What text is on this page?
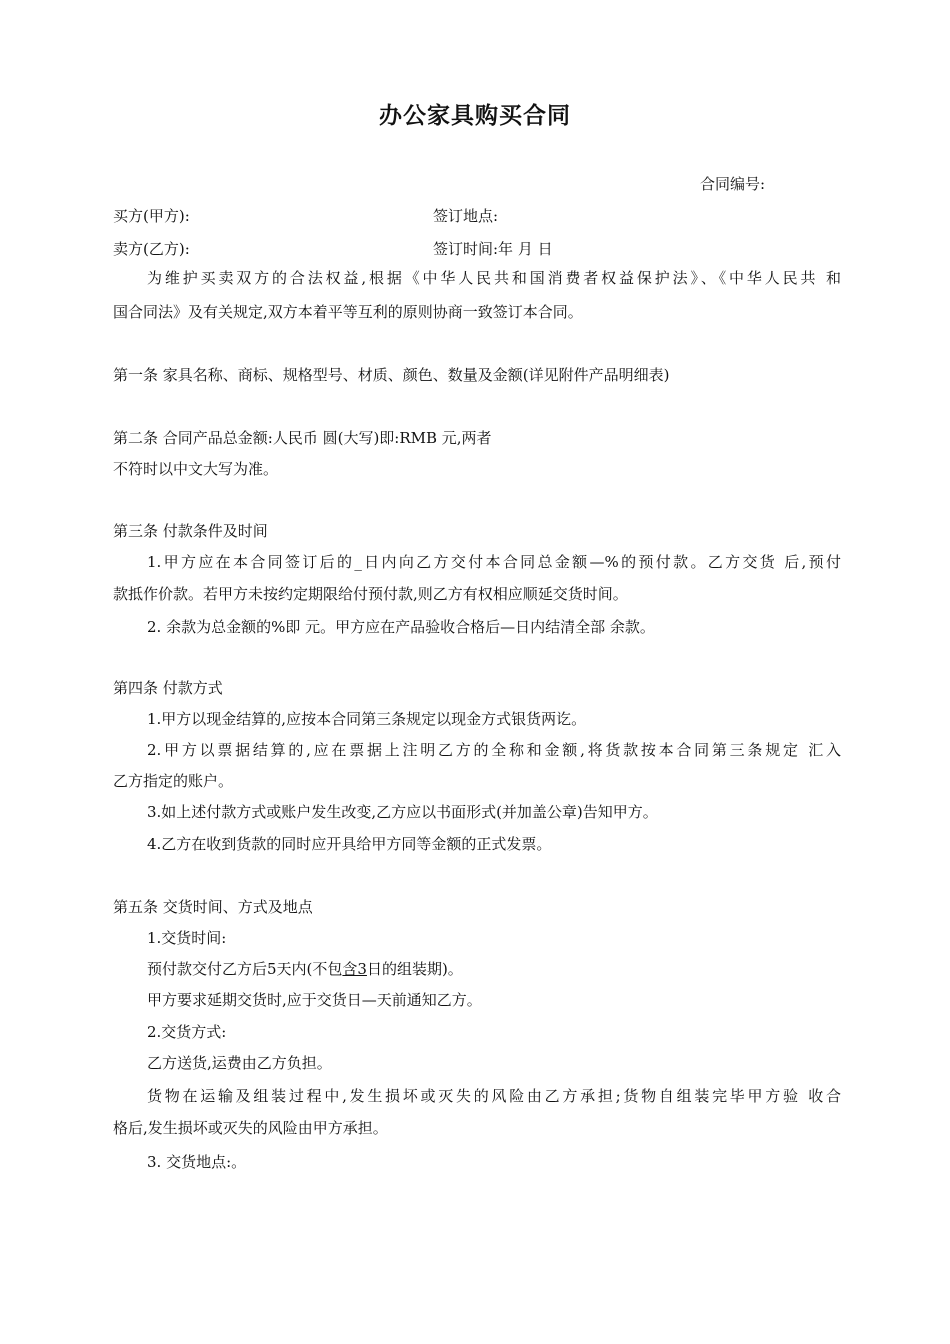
办公家具购买合同

合同编号:

买方(甲方):	签订地点:

卖方(乙方):	签订时间:年 月 日

为维护买卖双方的合法权益,根据《中华人民共和国消费者权益保护法》、《中华人民共 和

国合同法》及有关规定,双方本着平等互利的原则协商一致签订本合同。

第一条 家具名称、商标、规格型号、材质、颜色、数量及金额(详见附件产品明细表)

第二条 合同产品总金额:人民币 圆(大写)即:RMB 元,两者

不符时以中文大写为准。

第三条 付款条件及时间

1.甲方应在本合同签订后的_日内向乙方交付本合同总金额—%的预付款。乙方交货 后,预付

款抵作价款。若甲方未按约定期限给付预付款,则乙方有权相应顺延交货时间。

2. 余款为总金额的%即 元。甲方应在产品验收合格后—日内结清全部 余款。

第四条 付款方式

1.甲方以现金结算的,应按本合同第三条规定以现金方式银货两讫。

2.甲方以票据结算的,应在票据上注明乙方的全称和金额,将货款按本合同第三条规定 汇入

乙方指定的账户。

3.如上述付款方式或账户发生改变,乙方应以书面形式(并加盖公章)告知甲方。

4.乙方在收到货款的同时应开具给甲方同等金额的正式发票。

第五条 交货时间、方式及地点

1.交货时间:

预付款交付乙方后5天内(不包含3日的组装期)。

甲方要求延期交货时,应于交货日—天前通知乙方。

2.交货方式:

乙方送货,运费由乙方负担。

货物在运输及组装过程中,发生损坏或灭失的风险由乙方承担;货物自组装完毕甲方验 收合

格后,发生损坏或灭失的风险由甲方承担。

3. 交货地点:。
